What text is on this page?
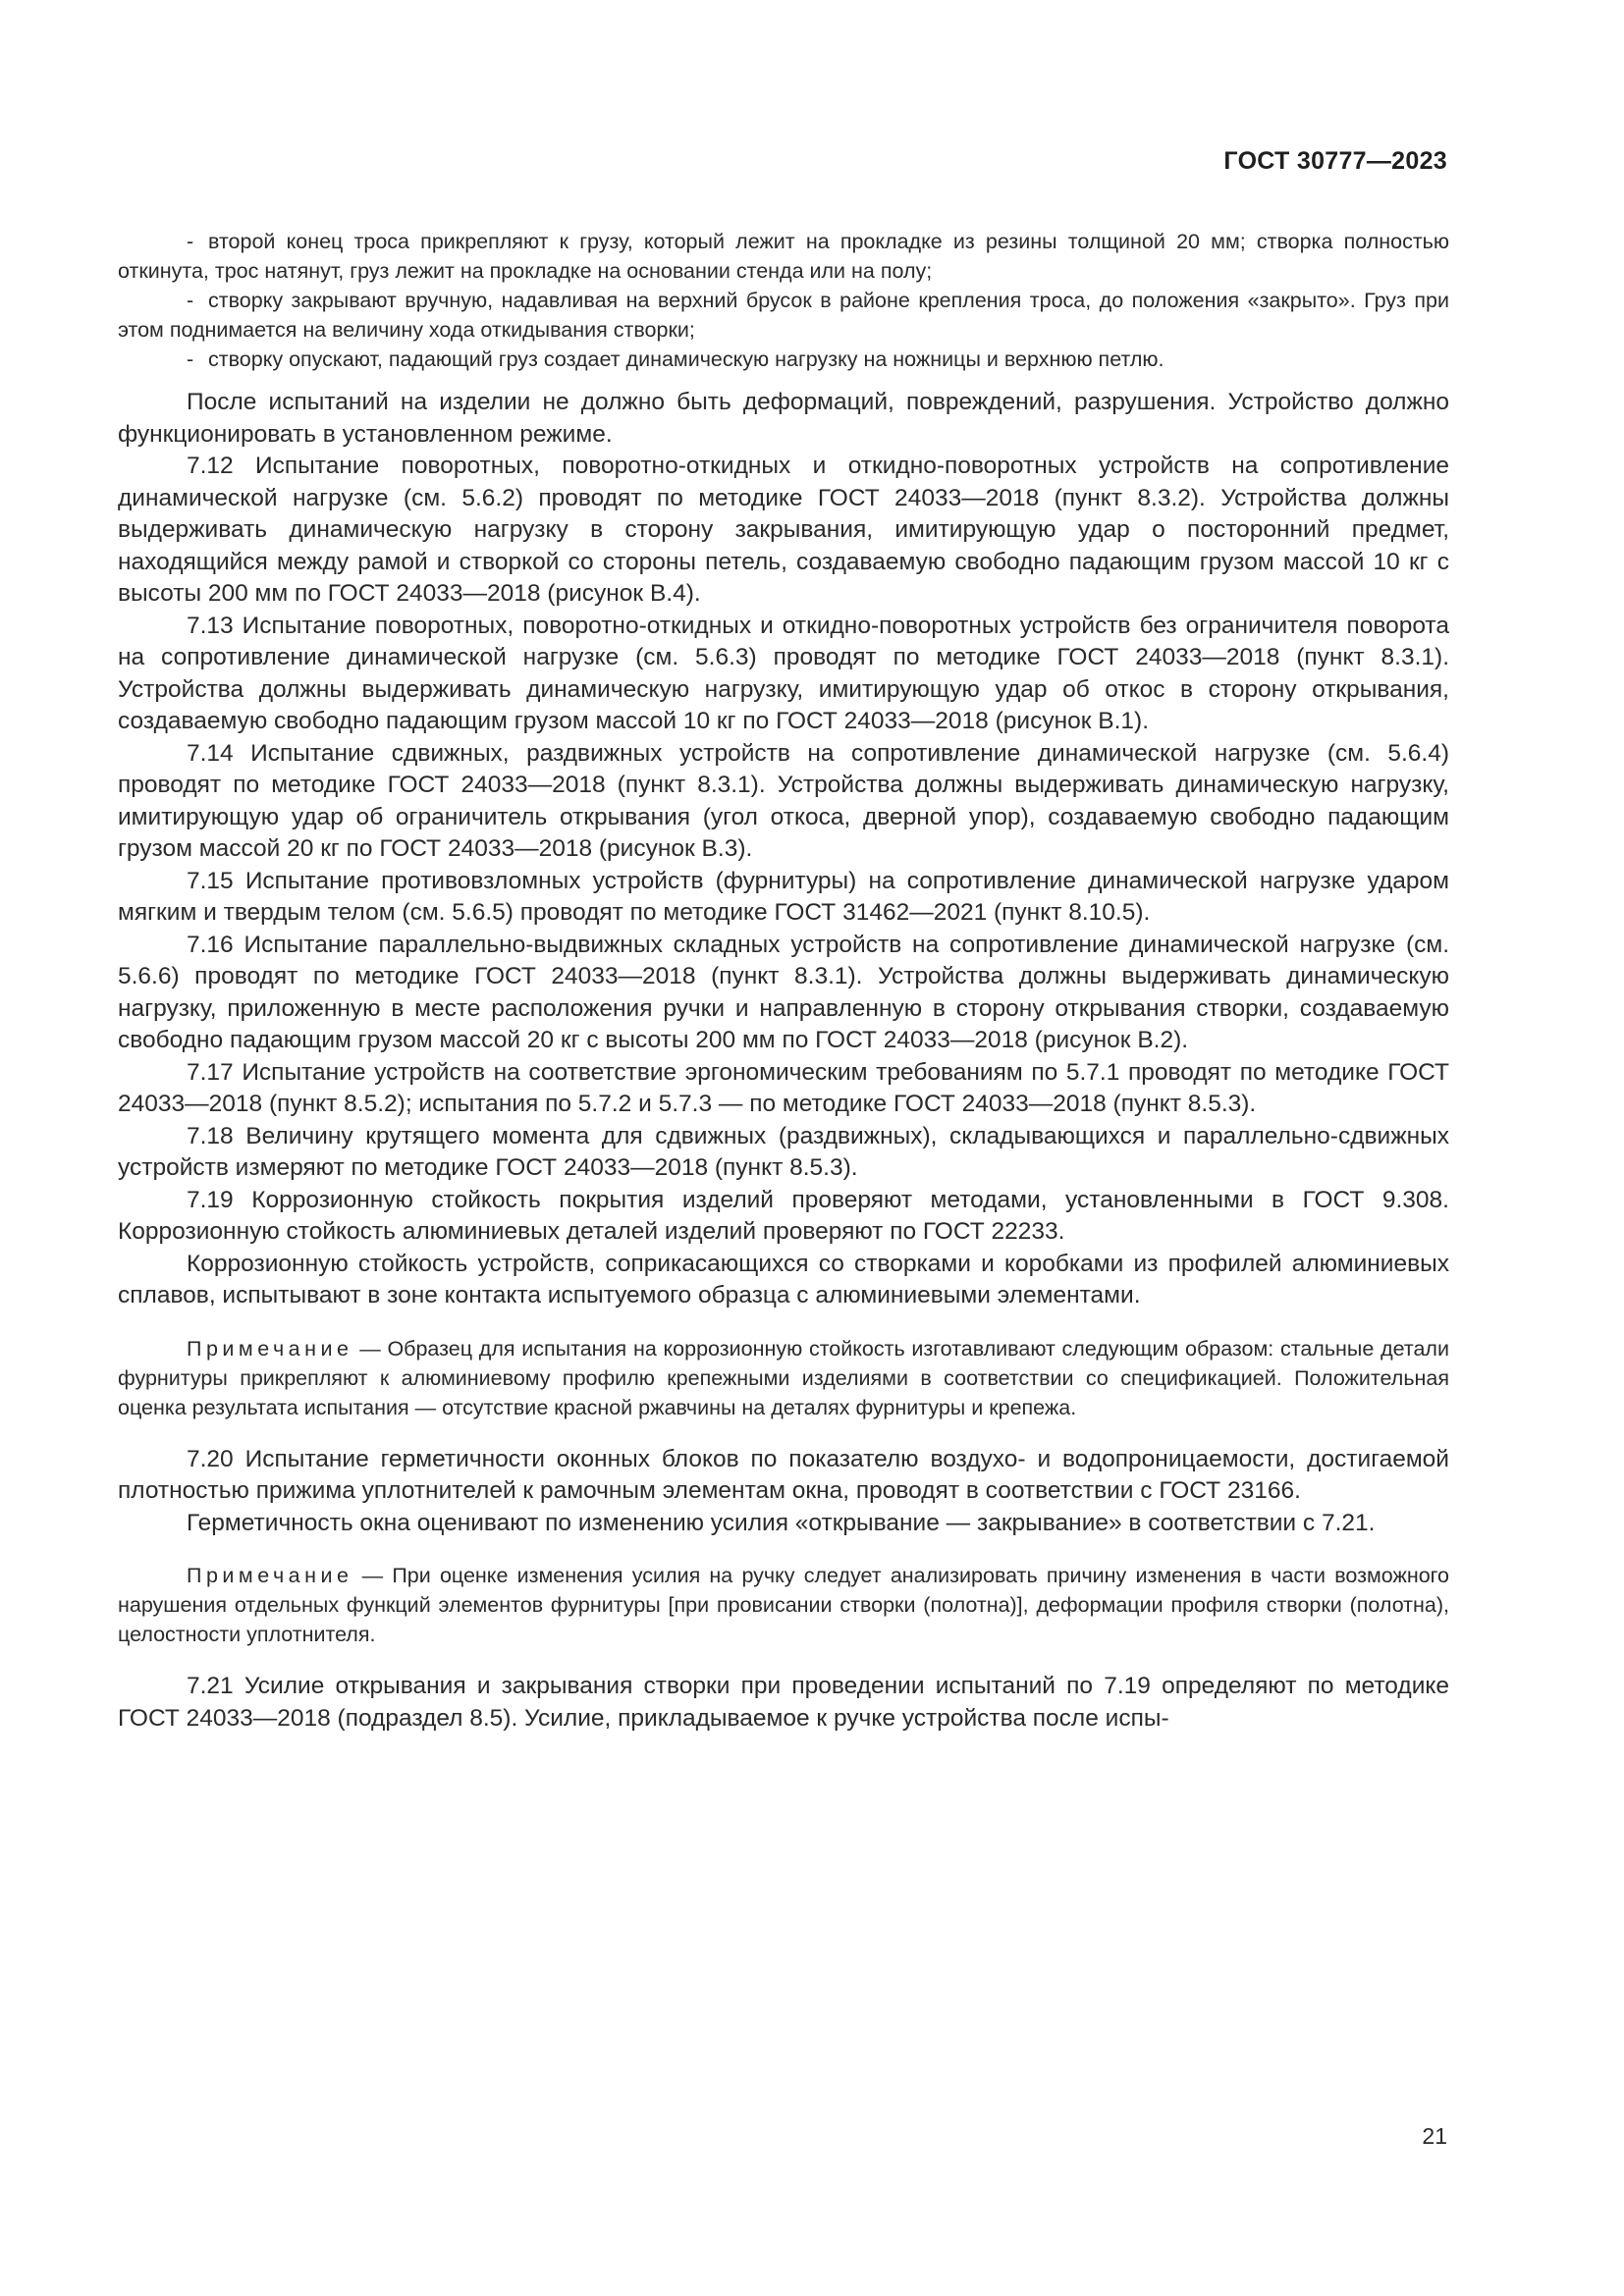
ГОСТ 30777—2023

- второй конец троса прикрепляют к грузу, который лежит на прокладке из резины толщиной 20 мм; створка полностью откинута, трос натянут, груз лежит на прокладке на основании стенда или на полу;

- створку закрывают вручную, надавливая на верхний брусок в районе крепления троса, до положения «закрыто». Груз при этом поднимается на величину хода откидывания створки;

- створку опускают, падающий груз создает динамическую нагрузку на ножницы и верхнюю петлю.

После испытаний на изделии не должно быть деформаций, повреждений, разрушения. Устройство должно функционировать в установленном режиме.

7.12 Испытание поворотных, поворотно-откидных и откидно-поворотных устройств на сопротивление динамической нагрузке (см. 5.6.2) проводят по методике ГОСТ 24033—2018 (пункт 8.3.2). Устройства должны выдерживать динамическую нагрузку в сторону закрывания, имитирующую удар о посторонний предмет, находящийся между рамой и створкой со стороны петель, создаваемую свободно падающим грузом массой 10 кг с высоты 200 мм по ГОСТ 24033—2018 (рисунок В.4).

7.13 Испытание поворотных, поворотно-откидных и откидно-поворотных устройств без ограничителя поворота на сопротивление динамической нагрузке (см. 5.6.3) проводят по методике ГОСТ 24033—2018 (пункт 8.3.1). Устройства должны выдерживать динамическую нагрузку, имитирующую удар об откос в сторону открывания, создаваемую свободно падающим грузом массой 10 кг по ГОСТ 24033—2018 (рисунок В.1).

7.14 Испытание сдвижных, раздвижных устройств на сопротивление динамической нагрузке (см. 5.6.4) проводят по методике ГОСТ 24033—2018 (пункт 8.3.1). Устройства должны выдерживать динамическую нагрузку, имитирующую удар об ограничитель открывания (угол откоса, дверной упор), создаваемую свободно падающим грузом массой 20 кг по ГОСТ 24033—2018 (рисунок В.3).

7.15 Испытание противовзломных устройств (фурнитуры) на сопротивление динамической нагрузке ударом мягким и твердым телом (см. 5.6.5) проводят по методике ГОСТ 31462—2021 (пункт 8.10.5).

7.16 Испытание параллельно-выдвижных складных устройств на сопротивление динамической нагрузке (см. 5.6.6) проводят по методике ГОСТ 24033—2018 (пункт 8.3.1). Устройства должны выдерживать динамическую нагрузку, приложенную в месте расположения ручки и направленную в сторону открывания створки, создаваемую свободно падающим грузом массой 20 кг с высоты 200 мм по ГОСТ 24033—2018 (рисунок В.2).

7.17 Испытание устройств на соответствие эргономическим требованиям по 5.7.1 проводят по методике ГОСТ 24033—2018 (пункт 8.5.2); испытания по 5.7.2 и 5.7.3 — по методике ГОСТ 24033—2018 (пункт 8.5.3).

7.18 Величину крутящего момента для сдвижных (раздвижных), складывающихся и параллельно-сдвижных устройств измеряют по методике ГОСТ 24033—2018 (пункт 8.5.3).

7.19 Коррозионную стойкость покрытия изделий проверяют методами, установленными в ГОСТ 9.308. Коррозионную стойкость алюминиевых деталей изделий проверяют по ГОСТ 22233.

Коррозионную стойкость устройств, соприкасающихся со створками и коробками из профилей алюминиевых сплавов, испытывают в зоне контакта испытуемого образца с алюминиевыми элементами.

Примечание — Образец для испытания на коррозионную стойкость изготавливают следующим образом: стальные детали фурнитуры прикрепляют к алюминиевому профилю крепежными изделиями в соответствии со спецификацией. Положительная оценка результата испытания — отсутствие красной ржавчины на деталях фурнитуры и крепежа.

7.20 Испытание герметичности оконных блоков по показателю воздухо- и водопроницаемости, достигаемой плотностью прижима уплотнителей к рамочным элементам окна, проводят в соответствии с ГОСТ 23166.

Герметичность окна оценивают по изменению усилия «открывание — закрывание» в соответствии с 7.21.

Примечание — При оценке изменения усилия на ручку следует анализировать причину изменения в части возможного нарушения отдельных функций элементов фурнитуры [при провисании створки (полотна)], деформации профиля створки (полотна), целостности уплотнителя.

7.21 Усилие открывания и закрывания створки при проведении испытаний по 7.19 определяют по методике ГОСТ 24033—2018 (подраздел 8.5). Усилие, прикладываемое к ручке устройства после испы-

21
